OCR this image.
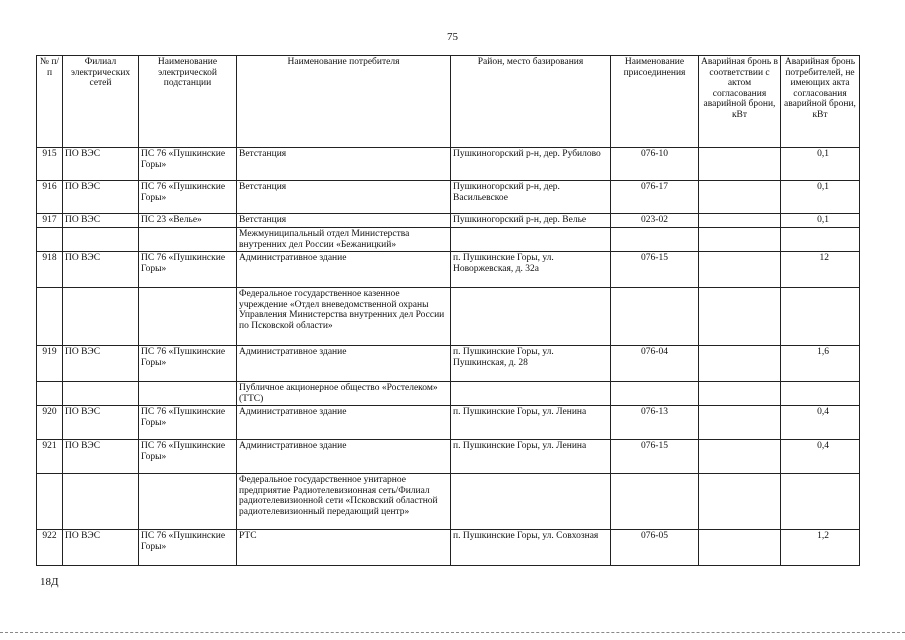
75
№ п/п	Филиал электрических сетей	Наименование электрической подстанции	Наименование потребителя	Район, место базирования	Наименование присоединения	Аварийная бронь в соответствии с актом согласования аварийной брони, кВт	Аварийная бронь потребителей, не имеющих акта согласования аварийной брони, кВт
915	ПО ВЭС	ПС 76 «Пушкинские Горы»	Ветстанция	Пушкиногорский р-н, дер. Рубилово	076-10		0,1
916	ПО ВЭС	ПС 76 «Пушкинские Горы»	Ветстанция	Пушкиногорский р-н, дер. Васильевское	076-17		0,1
917	ПО ВЭС	ПС 23 «Велье»	Ветстанция	Пушкиногорский р-н, дер. Велье	023-02		0,1
			Межмуниципальный отдел Министерства внутренних дел России «Бежаницкий»				
918	ПО ВЭС	ПС 76 «Пушкинские Горы»	Административное здание	п. Пушкинские Горы, ул. Новоржевская, д. 32а	076-15		12
			Федеральное государственное казенное учреждение «Отдел вневедомственной охраны Управления Министерства внутренних дел России по Псковской области»				
919	ПО ВЭС	ПС 76 «Пушкинские Горы»	Административное здание	п. Пушкинские Горы, ул. Пушкинская, д. 28	076-04		1,6
			Публичное акционерное общество «Ростелеком» (ТТС)				
920	ПО ВЭС	ПС 76 «Пушкинские Горы»	Административное здание	п. Пушкинские Горы, ул. Ленина	076-13		0,4
921	ПО ВЭС	ПС 76 «Пушкинские Горы»	Административное здание	п. Пушкинские Горы, ул. Ленина	076-15		0,4
			Федеральное государственное унитарное предприятие Радиотелевизионная сеть/Филиал радиотелевизионной сети «Псковский областной радиотелевизионный передающий центр»				
922	ПО ВЭС	ПС 76 «Пушкинские Горы»	РТС	п. Пушкинские Горы, ул. Совхозная	076-05		1,2
18Д
